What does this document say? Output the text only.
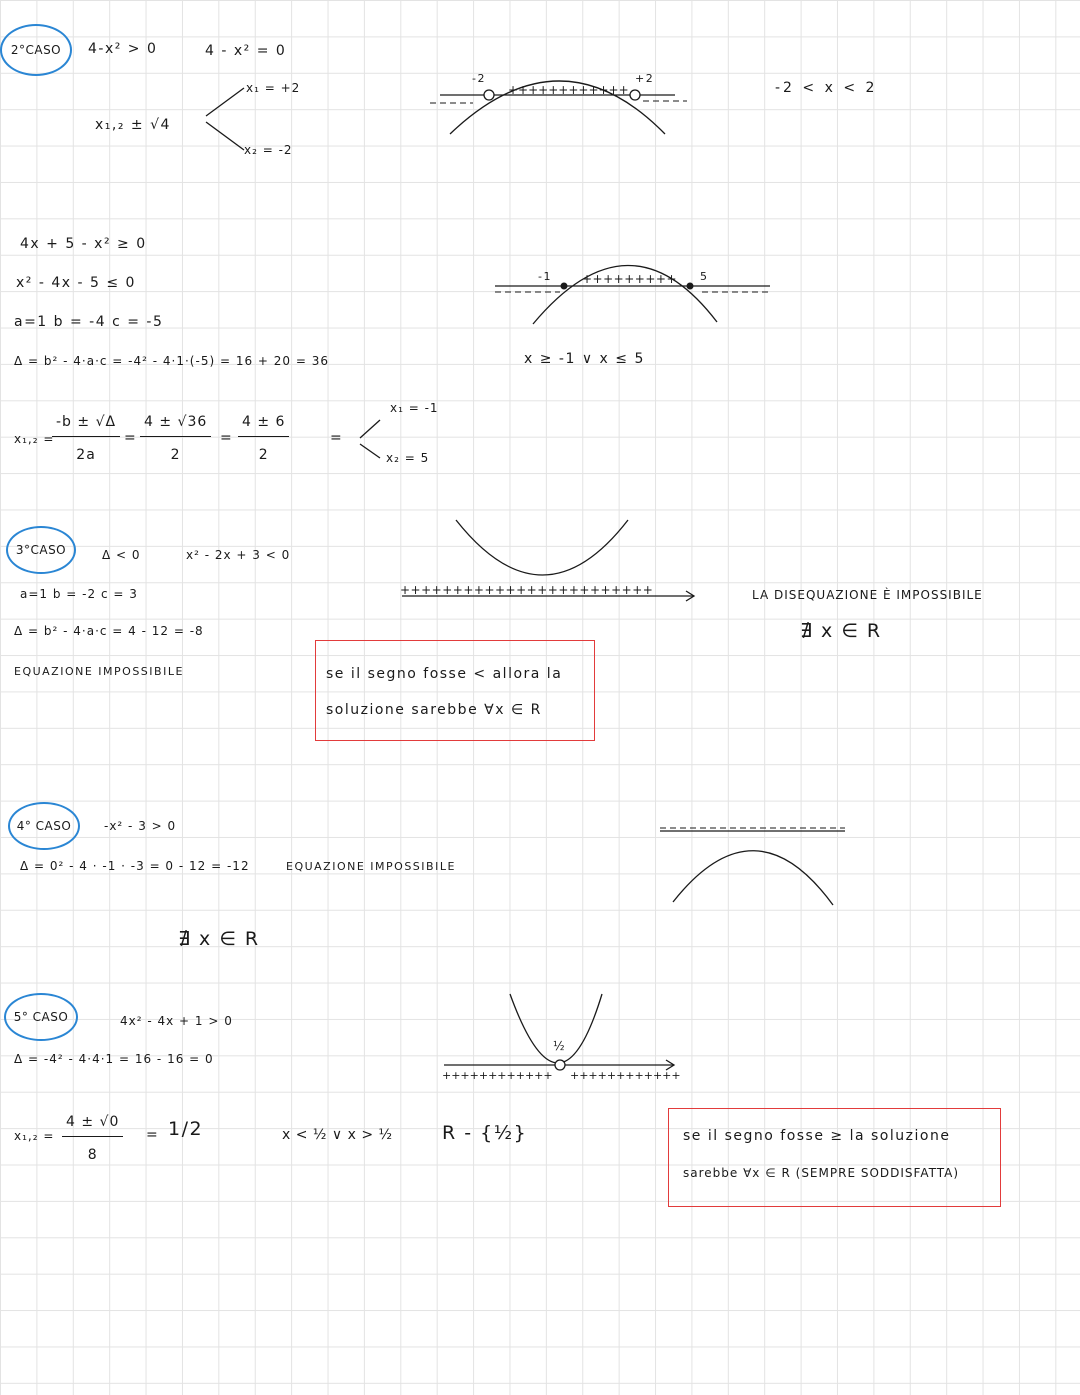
2°CASO 4-x² > 0	4 - x² = 0
x₁,₂ ± √4
x₁ = +2
x₂ = -2
-2	+2
++++++++++++	-2 < x < 2
4x + 5 - x² ≥ 0
x² - 4x - 5 ≤ 0
a=1 b = -4 c = -5
Δ = b² - 4·a·c = -4² - 4·1·(-5) = 16 + 20 = 36
-1	5
+++++++++
x ≥ -1 ∨ x ≤ 5
x₁,₂ =
$\frac{-b \pm √\Delta}{2a} = \frac{4 \pm √36}{2} = \frac{4 \pm 6}{2}$	=
x₁ = -1
x₂ = 5
3°CASO	Δ < 0	x² - 2x + 3 < 0
a=1 b = -2 c = 3
Δ = b² - 4·a·c = 4 - 12 = -8
EQUAZIONE IMPOSSIBILE
++++++++++++++++++++++++	LA DISEQUAZIONE È IMPOSSIBILE
∄ x ∈ R
se il segno fosse < allora la
soluzione sarebbe ∀x ∈ R
4° CASO	-x² - 3 > 0
Δ = 0² - 4 · -1 · -3 = 0 - 12 = -12	EQUAZIONE IMPOSSIBILE
∄ x ∈ R
5° CASO	4x² - 4x + 1 > 0
Δ = -4² - 4·4·1 = 16 - 16 = 0
½
++++++++++++ ++++++++++++
$x_1,_2 = \frac{4 \pm √0}{8} = 1/2$	x < ½ ∨ x > ½	R - {½}	se il segno fosse ≥ la soluzione
sarebbe ∀x ∈ R (SEMPRE SODDISFATTA)
